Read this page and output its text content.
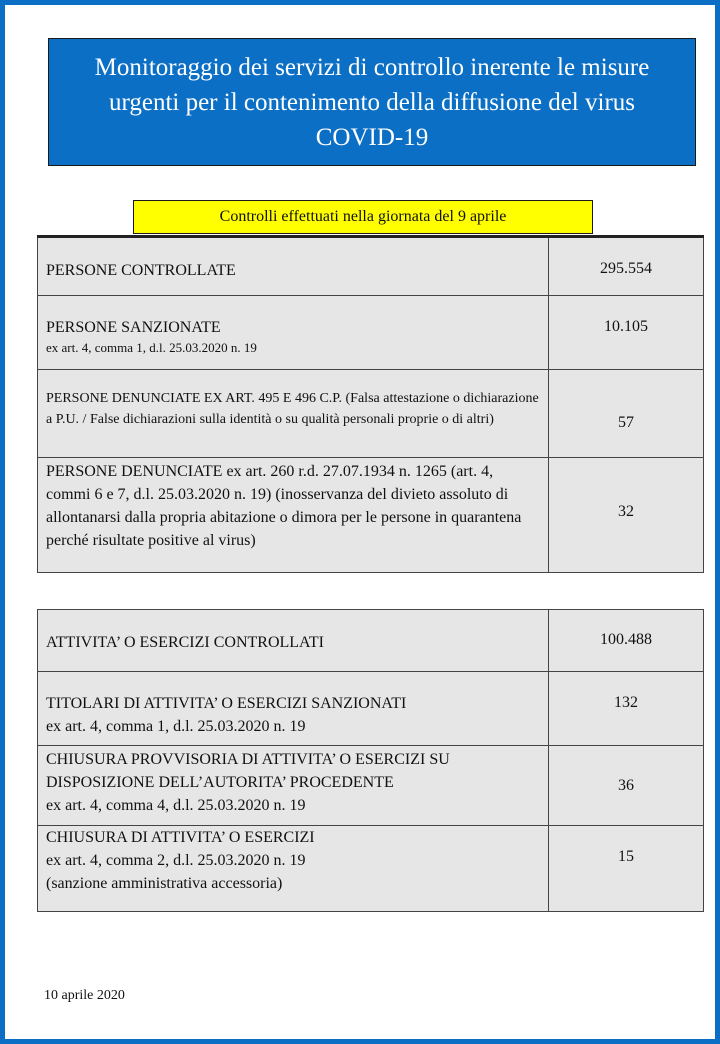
Monitoraggio dei servizi di controllo inerente le misure urgenti per il contenimento della diffusione del virus COVID-19
Controlli effettuati nella giornata del 9 aprile
PERSONE CONTROLLATE	295.554

PERSONE SANZIONATE
ex art. 4, comma 1, d.l. 25.03.2020 n. 19	10.105

PERSONE DENUNCIATE EX ART. 495 E 496 C.P. (Falsa attestazione o dichiarazione a P.U. / False dichiarazioni sulla identità o su qualità personali proprie o di altri)	57

PERSONE DENUNCIATE ex art. 260 r.d. 27.07.1934 n. 1265 (art. 4, commi 6 e 7, d.l. 25.03.2020 n. 19) (inosservanza del divieto assoluto di allontanarsi dalla propria abitazione o dimora per le persone in quarantena perché risultate positive al virus)	32
ATTIVITA’ O ESERCIZI CONTROLLATI	100.488

TITOLARI DI ATTIVITA’ O ESERCIZI SANZIONATI
ex art. 4, comma 1, d.l. 25.03.2020 n. 19	132

CHIUSURA PROVVISORIA DI ATTIVITA’ O ESERCIZI SU DISPOSIZIONE DELL’AUTORITA’ PROCEDENTE
ex art. 4, comma 4, d.l. 25.03.2020 n. 19	36

CHIUSURA DI ATTIVITA’ O ESERCIZI
ex art. 4, comma 2, d.l. 25.03.2020 n. 19
(sanzione amministrativa accessoria)	15
10 aprile 2020
